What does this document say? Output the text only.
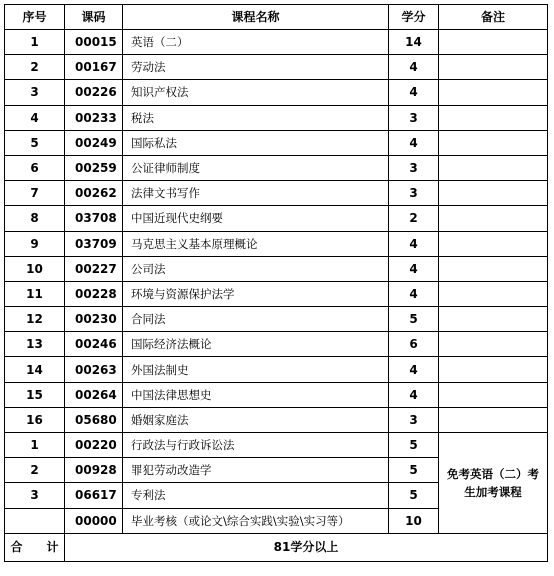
序号	课码	课程名称	学分	备注
1	00015	英语（二）	14	
2	00167	劳动法	4	
3	00226	知识产权法	4	
4	00233	税法	3	
5	00249	国际私法	4	
6	00259	公证律师制度	3	
7	00262	法律文书写作	3	
8	03708	中国近现代史纲要	2	
9	03709	马克思主义基本原理概论	4	
10	00227	公司法	4	
11	00228	环境与资源保护法学	4	
12	00230	合同法	5	
13	00246	国际经济法概论	6	
14	00263	外国法制史	4	
15	00264	中国法律思想史	4	
16	05680	婚姻家庭法	3	
1	00220	行政法与行政诉讼法	5	免考英语（二）考生加考课程
2	00928	罪犯劳动改造学	5	
3	06617	专利法	5	
	00000	毕业考核（或论文\综合实践\实验\实习等）	10	
合 计	81学分以上			
